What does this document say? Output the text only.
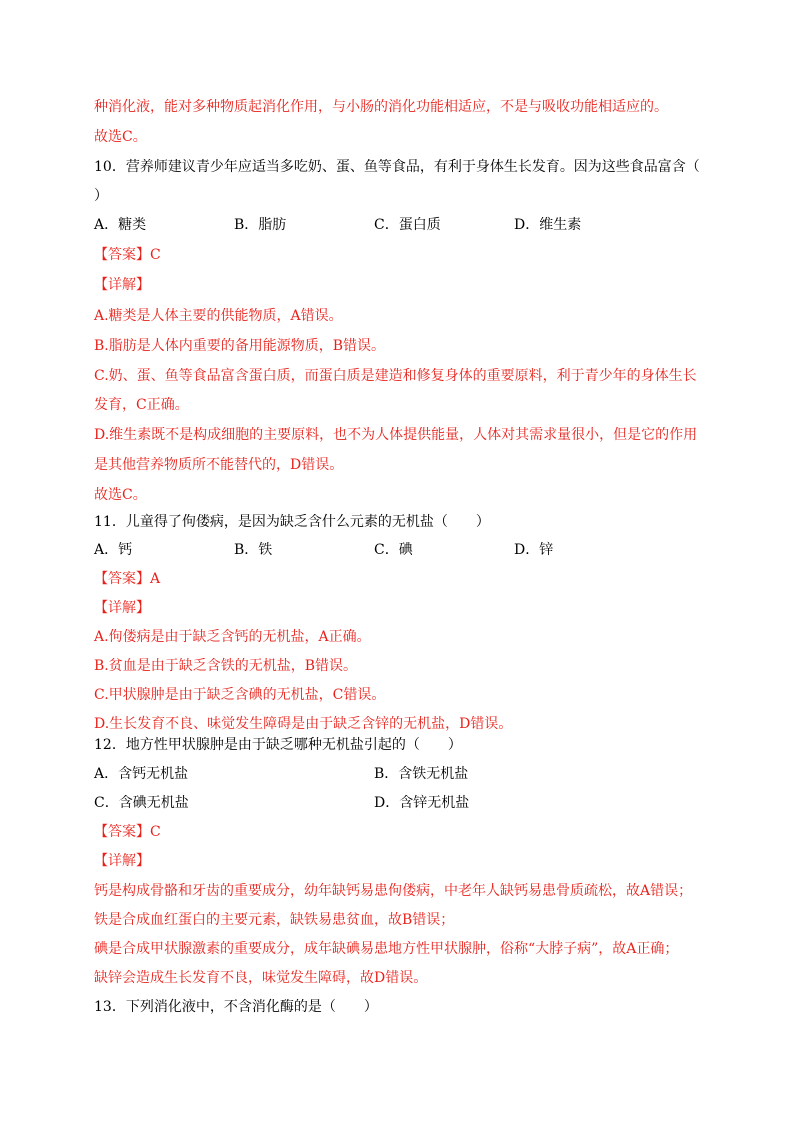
种消化液，能对多种物质起消化作用，与小肠的消化功能相适应，不是与吸收功能相适应的。
故选C。
10．营养师建议青少年应适当多吃奶、蛋、鱼等食品，有利于身体生长发育。因为这些食品富含（
）
A．糖类	B．脂肪	C．蛋白质	D．维生素
【答案】C
【详解】
A.糖类是人体主要的供能物质，A错误。
B.脂肪是人体内重要的备用能源物质，B错误。
C.奶、蛋、鱼等食品富含蛋白质，而蛋白质是建造和修复身体的重要原料，利于青少年的身体生长
发育，C正确。
D.维生素既不是构成细胞的主要原料，也不为人体提供能量，人体对其需求量很小，但是它的作用
是其他营养物质所不能替代的，D错误。
故选C。
11．儿童得了佝偻病，是因为缺乏含什么元素的无机盐（　　）
A．钙	B．铁	C．碘	D．锌
【答案】A
【详解】
A.佝偻病是由于缺乏含钙的无机盐，A正确。
B.贫血是由于缺乏含铁的无机盐，B错误。
C.甲状腺肿是由于缺乏含碘的无机盐，C错误。
D.生长发育不良、味觉发生障碍是由于缺乏含锌的无机盐，D错误。
12．地方性甲状腺肿是由于缺乏哪种无机盐引起的（　　）
A．含钙无机盐	B．含铁无机盐
C．含碘无机盐	D．含锌无机盐
【答案】C
【详解】
钙是构成骨骼和牙齿的重要成分，幼年缺钙易患佝偻病，中老年人缺钙易患骨质疏松，故A错误；
铁是合成血红蛋白的主要元素，缺铁易患贫血，故B错误；
碘是合成甲状腺激素的重要成分，成年缺碘易患地方性甲状腺肿，俗称“大脖子病”，故A正确；
缺锌会造成生长发育不良，味觉发生障碍，故D错误。
13．下列消化液中，不含消化酶的是（　　）
